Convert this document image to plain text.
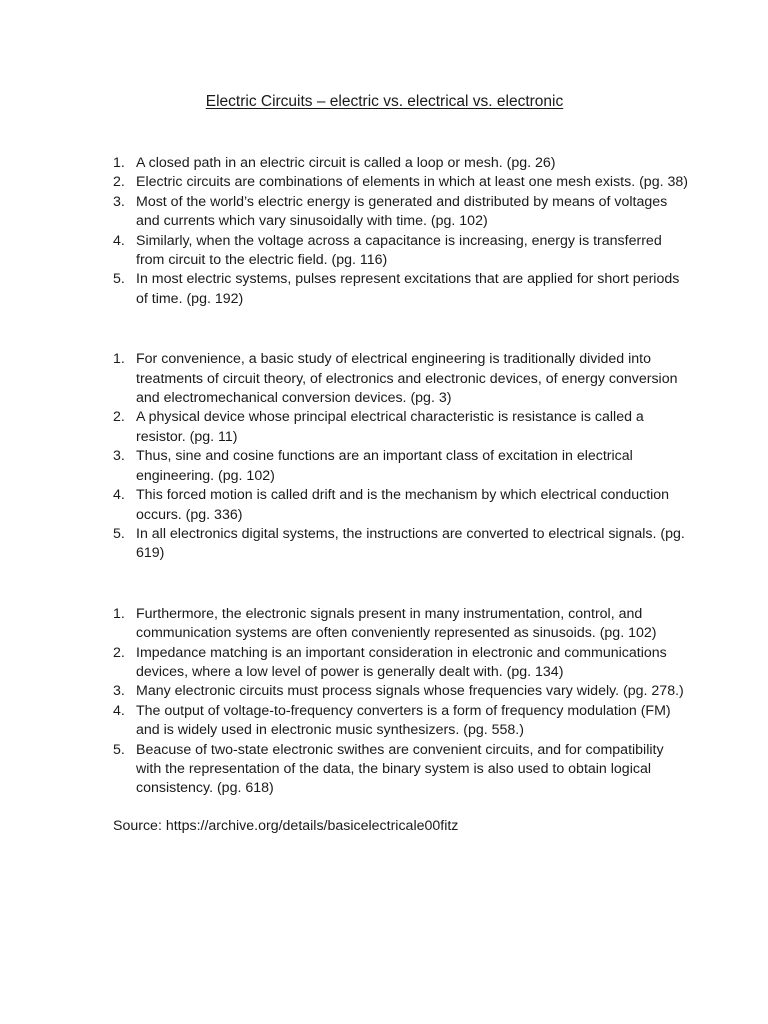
Electric Circuits – electric vs. electrical vs. electronic
1. A closed path in an electric circuit is called a loop or mesh. (pg. 26)
2. Electric circuits are combinations of elements in which at least one mesh exists. (pg. 38)
3. Most of the world’s electric energy is generated and distributed by means of voltages and currents which vary sinusoidally with time. (pg. 102)
4. Similarly, when the voltage across a capacitance is increasing, energy is transferred from circuit to the electric field. (pg. 116)
5. In most electric systems, pulses represent excitations that are applied for short periods of time. (pg. 192)
1. For convenience, a basic study of electrical engineering is traditionally divided into treatments of circuit theory, of electronics and electronic devices, of energy conversion and electromechanical conversion devices. (pg. 3)
2. A physical device whose principal electrical characteristic is resistance is called a resistor. (pg. 11)
3. Thus, sine and cosine functions are an important class of excitation in electrical engineering. (pg. 102)
4. This forced motion is called drift and is the mechanism by which electrical conduction occurs. (pg. 336)
5. In all electronics digital systems, the instructions are converted to electrical signals. (pg. 619)
1. Furthermore, the electronic signals present in many instrumentation, control, and communication systems are often conveniently represented as sinusoids. (pg. 102)
2. Impedance matching is an important consideration in electronic and communications devices, where a low level of power is generally dealt with. (pg. 134)
3. Many electronic circuits must process signals whose frequencies vary widely. (pg. 278.)
4. The output of voltage-to-frequency converters is a form of frequency modulation (FM) and is widely used in electronic music synthesizers. (pg. 558.)
5. Beacuse of two-state electronic swithes are convenient circuits, and for compatibility with the representation of the data, the binary system is also used to obtain logical consistency. (pg. 618)
Source: https://archive.org/details/basicelectricale00fitz
